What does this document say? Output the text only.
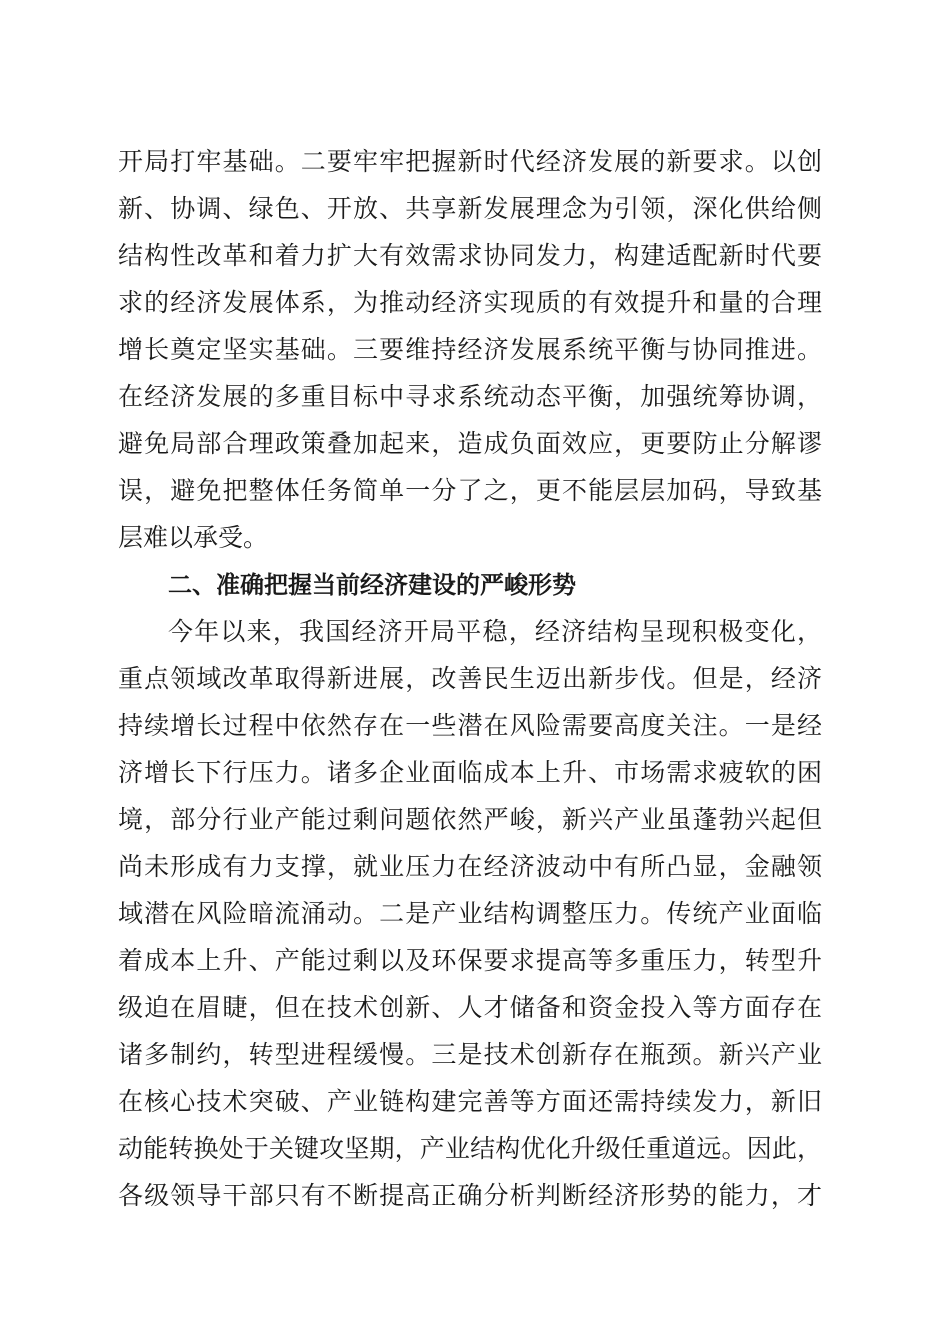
开局打牢基础。二要牢牢把握新时代经济发展的新要求。以创
新、协调、绿色、开放、共享新发展理念为引领，深化供给侧
结构性改革和着力扩大有效需求协同发力，构建适配新时代要
求的经济发展体系，为推动经济实现质的有效提升和量的合理
增长奠定坚实基础。三要维持经济发展系统平衡与协同推进。
在经济发展的多重目标中寻求系统动态平衡，加强统筹协调，
避免局部合理政策叠加起来，造成负面效应，更要防止分解谬
误，避免把整体任务简单一分了之，更不能层层加码，导致基
层难以承受。
二、准确把握当前经济建设的严峻形势
今年以来，我国经济开局平稳，经济结构呈现积极变化，
重点领域改革取得新进展，改善民生迈出新步伐。但是，经济
持续增长过程中依然存在一些潜在风险需要高度关注。一是经
济增长下行压力。诸多企业面临成本上升、市场需求疲软的困
境，部分行业产能过剩问题依然严峻，新兴产业虽蓬勃兴起但
尚未形成有力支撑，就业压力在经济波动中有所凸显，金融领
域潜在风险暗流涌动。二是产业结构调整压力。传统产业面临
着成本上升、产能过剩以及环保要求提高等多重压力，转型升
级迫在眉睫，但在技术创新、人才储备和资金投入等方面存在
诸多制约，转型进程缓慢。三是技术创新存在瓶颈。新兴产业
在核心技术突破、产业链构建完善等方面还需持续发力，新旧
动能转换处于关键攻坚期，产业结构优化升级任重道远。因此，
各级领导干部只有不断提高正确分析判断经济形势的能力，才
